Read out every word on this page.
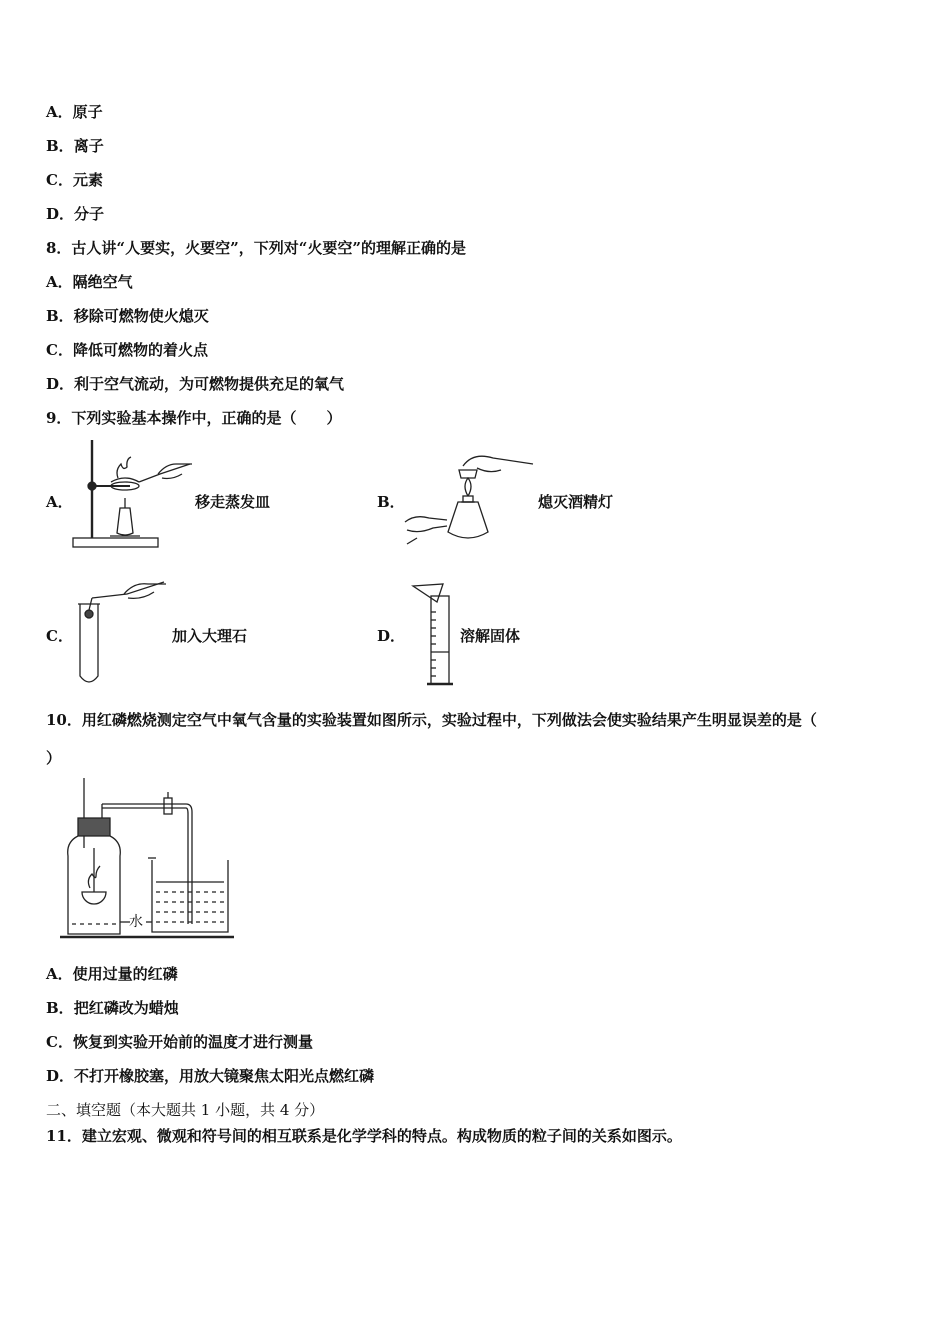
A．原子
B．离子
C．元素
D．分子
8．古人讲“人要实，火要空”，下列对“火要空”的理解正确的是
A．隔绝空气
B．移除可燃物使火熄灭
C．降低可燃物的着火点
D．利于空气流动，为可燃物提供充足的氧气
9．下列实验基本操作中，正确的是（　　）
A．	移走蒸发皿	B．	熄灭酒精灯
C．	加入大理石	D．	溶解固体
10．用红磷燃烧测定空气中氧气含量的实验装置如图所示，实验过程中，下列做法会使实验结果产生明显误差的是（
）
水
A．使用过量的红磷
B．把红磷改为蜡烛
C．恢复到实验开始前的温度才进行测量
D．不打开橡胶塞，用放大镜聚焦太阳光点燃红磷
二、填空题（本大题共 1 小题，共 4 分）
11．建立宏观、微观和符号间的相互联系是化学学科的特点。构成物质的粒子间的关系如图示。
